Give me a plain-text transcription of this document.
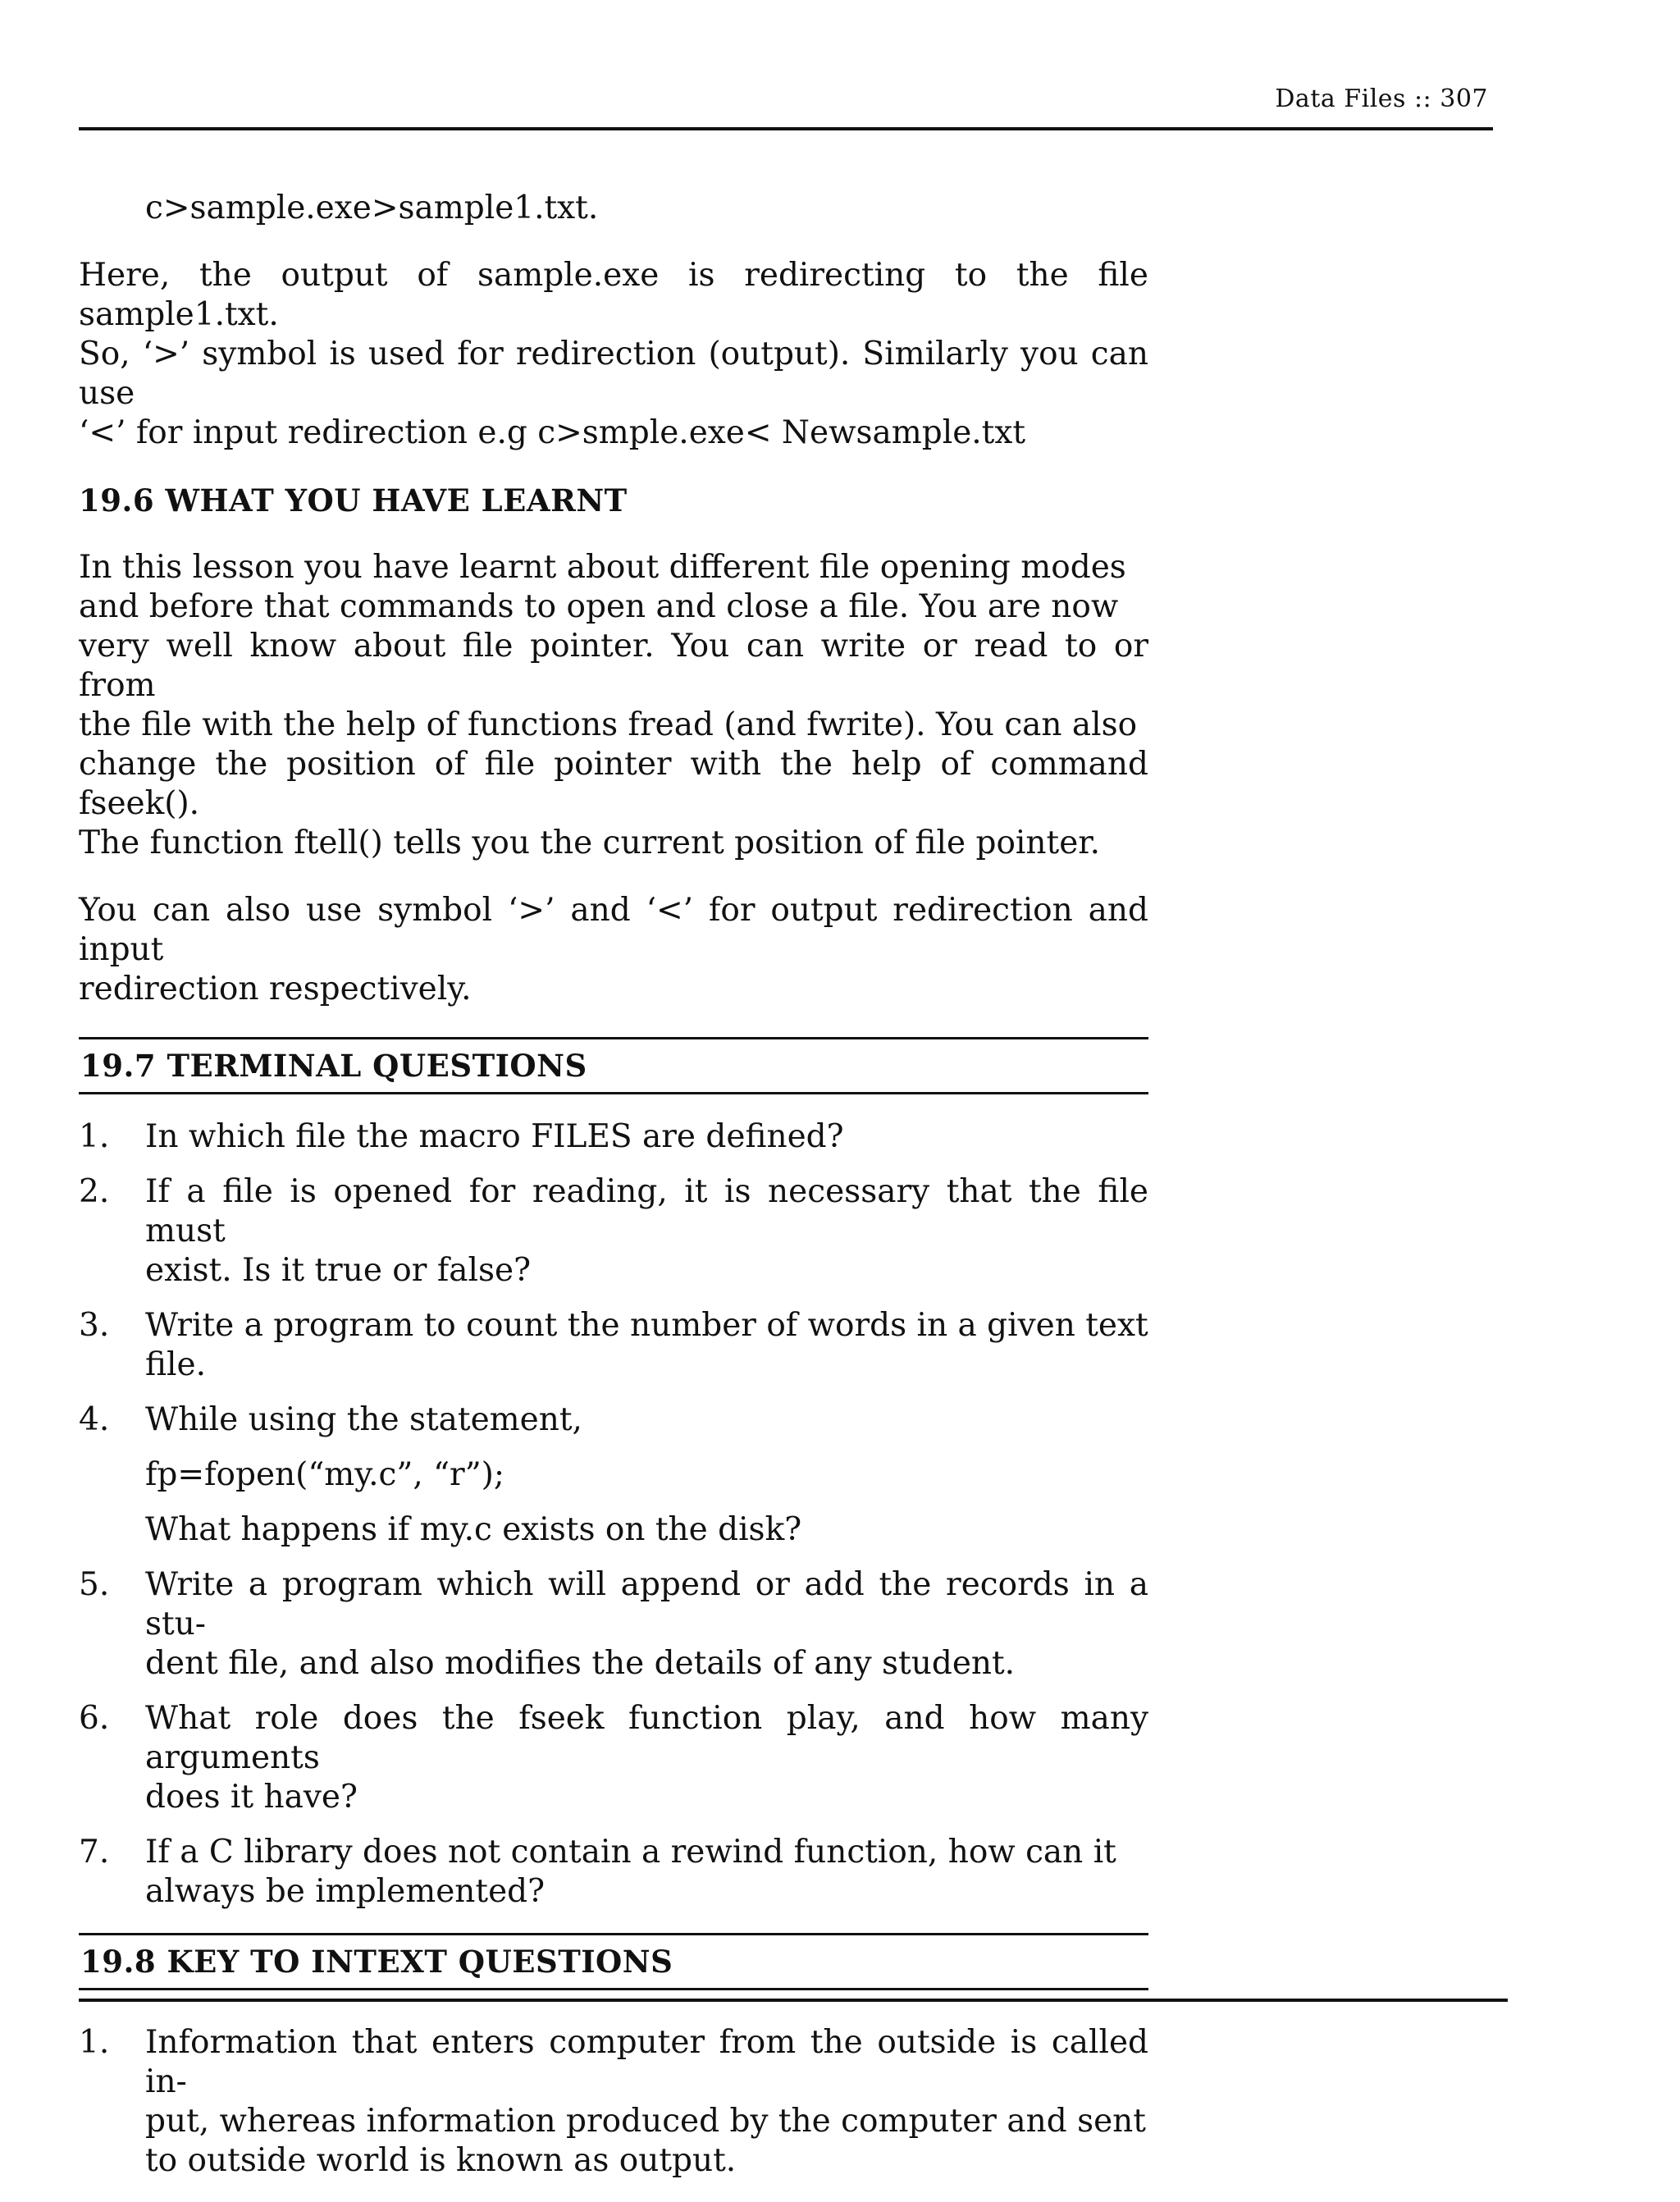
Data Files :: 307
c>sample.exe>sample1.txt.
Here, the output of sample.exe is redirecting to the file sample1.txt.
So, ‘>’ symbol is used for redirection (output). Similarly you can use
‘<’ for input redirection e.g c>smple.exe< Newsample.txt
19.6 WHAT YOU HAVE LEARNT
In this lesson you have learnt about different file opening modes
and before that commands to open and close a file. You are now
very well know about file pointer. You can write or read to or from
the file with the help of functions fread (and fwrite). You can also
change the position of file pointer with the help of command fseek().
The function ftell() tells you the current position of file pointer.
You can also use symbol ‘>’ and ‘<’ for output redirection and input
redirection respectively.
19.7 TERMINAL QUESTIONS
1.	In which file the macro FILES are defined?
2.	If a file is opened for reading, it is necessary that the file must
exist. Is it true or false?
3.	Write a program to count the number of words in a given text
file.
4.	While using the statement,
fp=fopen(“my.c”, “r”);
What happens if my.c exists on the disk?
5.	Write a program which will append or add the records in a stu-
dent file, and also modifies the details of any student.
6.	What role does the fseek function play, and how many arguments
does it have?
7.	If a C library does not contain a rewind function, how can it
always be implemented?
19.8 KEY TO INTEXT QUESTIONS
1.	Information that enters computer from the outside is called in-
put, whereas information produced by the computer and sent
to outside world is known as output.
